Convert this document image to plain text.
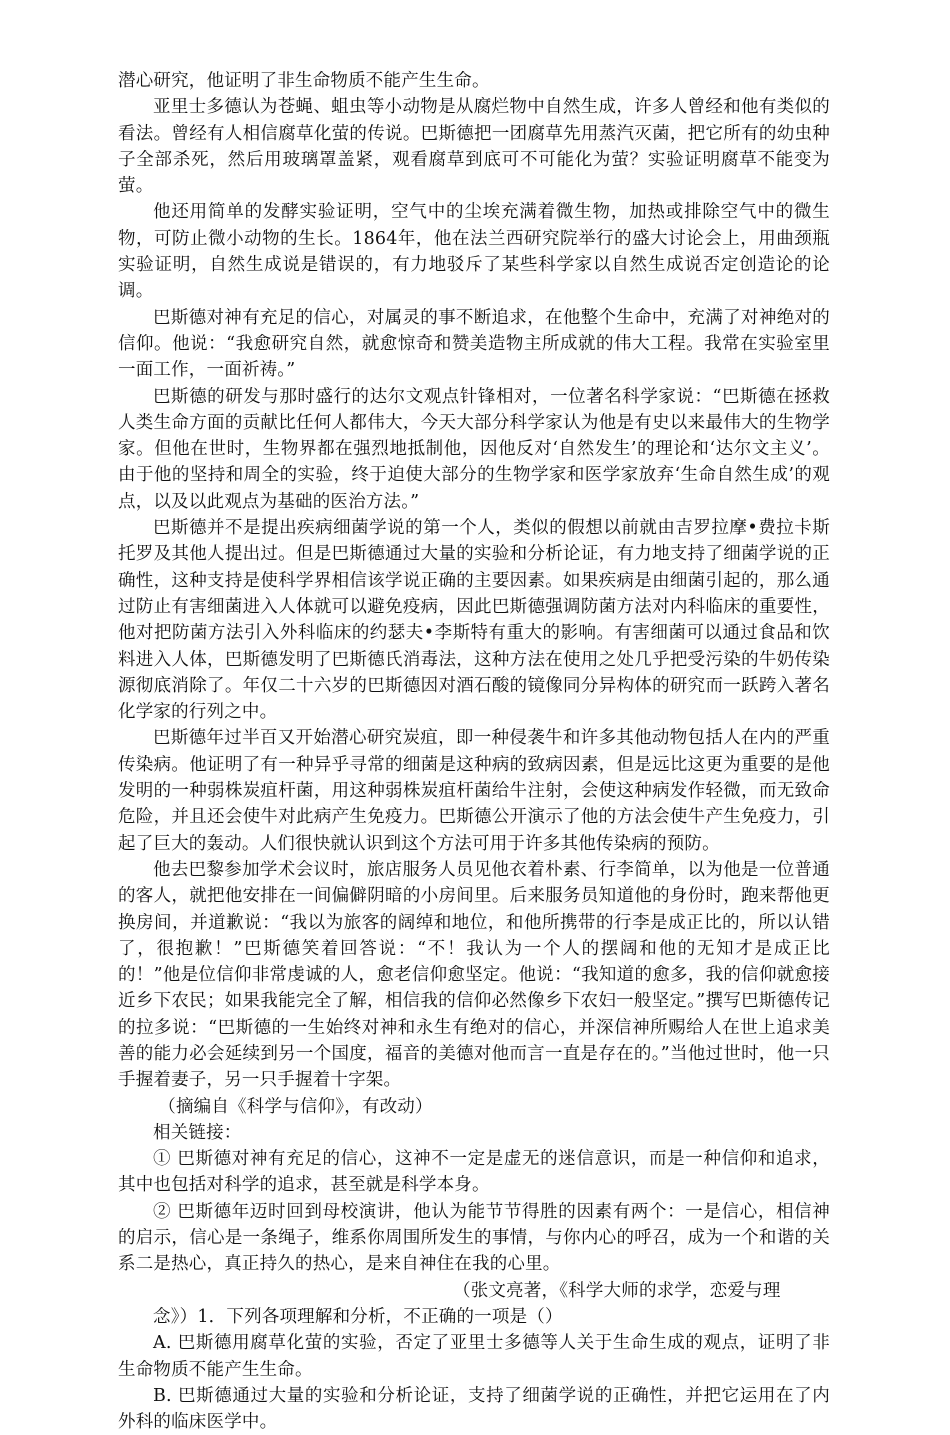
潜心研究，他证明了非生命物质不能产生生命。

亚里士多德认为苍蝇、蛆虫等小动物是从腐烂物中自然生成，许多人曾经和他有类似的看法。曾经有人相信腐草化萤的传说。巴斯德把一团腐草先用蒸汽灭菌，把它所有的幼虫种子全部杀死，然后用玻璃罩盖紧，观看腐草到底可不可能化为萤？实验证明腐草不能变为萤。

他还用简单的发酵实验证明，空气中的尘埃充满着微生物，加热或排除空气中的微生物，可防止微小动物的生长。1864年，他在法兰西研究院举行的盛大讨论会上，用曲颈瓶实验证明，自然生成说是错误的，有力地驳斥了某些科学家以自然生成说否定创造论的论调。

巴斯德对神有充足的信心，对属灵的事不断追求，在他整个生命中，充满了对神绝对的信仰。他说：“我愈研究自然，就愈惊奇和赞美造物主所成就的伟大工程。我常在实验室里一面工作，一面祈祷。”

巴斯德的研发与那时盛行的达尔文观点针锋相对，一位著名科学家说：“巴斯德在拯救人类生命方面的贡献比任何人都伟大，今天大部分科学家认为他是有史以来最伟大的生物学家。但他在世时，生物界都在强烈地抵制他，因他反对‘自然发生’的理论和‘达尔文主义’。由于他的坚持和周全的实验，终于迫使大部分的生物学家和医学家放弃‘生命自然生成’的观点，以及以此观点为基础的医治方法。”

巴斯德并不是提出疾病细菌学说的第一个人，类似的假想以前就由吉罗拉摩•费拉卡斯托罗及其他人提出过。但是巴斯德通过大量的实验和分析论证，有力地支持了细菌学说的正确性，这种支持是使科学界相信该学说正确的主要因素。如果疾病是由细菌引起的，那么通过防止有害细菌进入人体就可以避免疫病，因此巴斯德强调防菌方法对内科临床的重要性，他对把防菌方法引入外科临床的约瑟夫•李斯特有重大的影响。有害细菌可以通过食品和饮料进入人体，巴斯德发明了巴斯德氏消毒法，这种方法在使用之处几乎把受污染的牛奶传染源彻底消除了。年仅二十六岁的巴斯德因对酒石酸的镜像同分异构体的研究而一跃跨入著名化学家的行列之中。

巴斯德年过半百又开始潜心研究炭疽，即一种侵袭牛和许多其他动物包括人在内的严重传染病。他证明了有一种异乎寻常的细菌是这种病的致病因素，但是远比这更为重要的是他发明的一种弱株炭疽杆菌，用这种弱株炭疽杆菌给牛注射，会使这种病发作轻微，而无致命危险，并且还会使牛对此病产生免疫力。巴斯德公开演示了他的方法会使牛产生免疫力，引起了巨大的轰动。人们很快就认识到这个方法可用于许多其他传染病的预防。

他去巴黎参加学术会议时，旅店服务人员见他衣着朴素、行李简单，以为他是一位普通的客人，就把他安排在一间偏僻阴暗的小房间里。后来服务员知道他的身份时，跑来帮他更换房间，并道歉说：“我以为旅客的阔绰和地位，和他所携带的行李是成正比的，所以认错了，很抱歉！”巴斯德笑着回答说：“不！我认为一个人的摆阔和他的无知才是成正比的！”他是位信仰非常虔诚的人，愈老信仰愈坚定。他说：“我知道的愈多，我的信仰就愈接近乡下农民；如果我能完全了解，相信我的信仰必然像乡下农妇一般坚定。”撰写巴斯德传记的拉多说：“巴斯德的一生始终对神和永生有绝对的信心，并深信神所赐给人在世上追求美善的能力必会延续到另一个国度，福音的美德对他而言一直是存在的。”当他过世时，他一只手握着妻子，另一只手握着十字架。

（摘编自《科学与信仰》，有改动）

相关链接：

① 巴斯德对神有充足的信心，这神不一定是虚无的迷信意识，而是一种信仰和追求，其中也包括对科学的追求，甚至就是科学本身。

② 巴斯德年迈时回到母校演讲，他认为能节节得胜的因素有两个：一是信心，相信神的启示，信心是一条绳子，维系你周围所发生的事情，与你内心的呼召，成为一个和谐的关系二是热心，真正持久的热心，是来自神住在我的心里。

（张文亮著，《科学大师的求学，恋爱与理

念》）1．下列各项理解和分析，不正确的一项是（）

A. 巴斯德用腐草化萤的实验，否定了亚里士多德等人关于生命生成的观点，证明了非生命物质不能产生生命。

B. 巴斯德通过大量的实验和分析论证，支持了细菌学说的正确性，并把它运用在了内外科的临床医学中。
